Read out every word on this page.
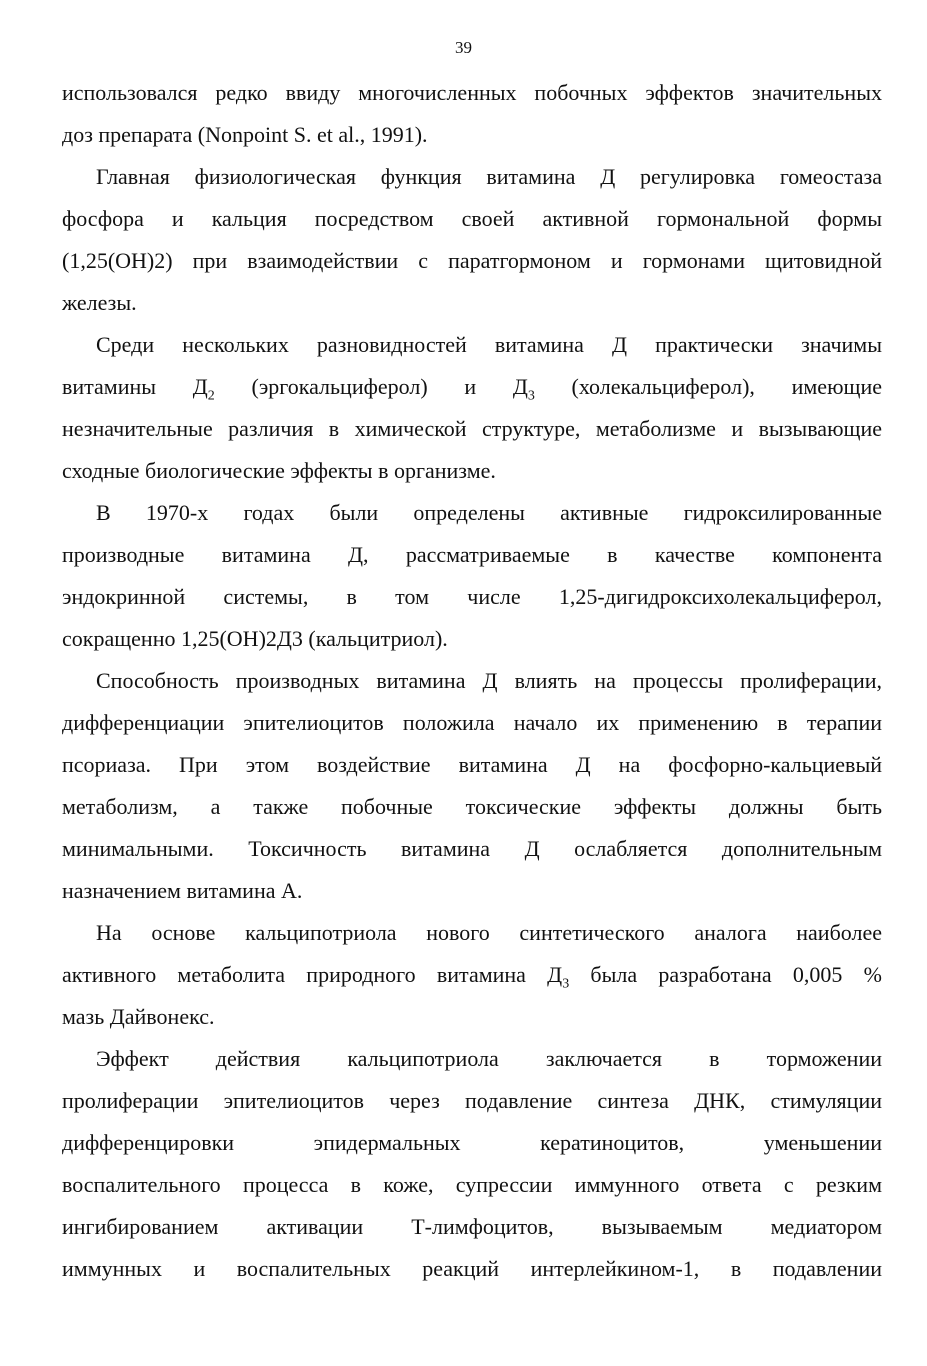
39
использовался редко ввиду многочисленных побочных эффектов значительных
доз препарата (Nonpoint S. et al., 1991).
Главная физиологическая функция витамина Д регулировка гомеостаза
фосфора и кальция посредством своей активной гормональной формы
(1,25(OH)2) при взаимодействии с паратгормоном и гормонами щитовидной
железы.
Среди нескольких разновидностей витамина Д практически значимы
витамины $Д_2$ (эргокальциферол) и $Д_3$ (холекальциферол), имеющие
незначительные различия в химической структуре, метаболизме и вызывающие
сходные биологические эффекты в организме.
В 1970-х годах были определены активные гидроксилированные
производные витамина Д, рассматриваемые в качестве компонента
эндокринной системы, в том числе 1,25-дигидроксихолекальциферол,
сокращенно 1,25(OH)2Д3 (кальцитриол).
Способность производных витамина Д влиять на процессы пролиферации,
дифференциации эпителиоцитов положила начало их применению в терапии
псориаза. При этом воздействие витамина Д на фосфорно-кальциевый
метаболизм, а также побочные токсические эффекты должны быть
минимальными. Токсичность витамина Д ослабляется дополнительным
назначением витамина А.
На основе кальципотриола нового синтетического аналога наиболее
активного метаболита природного витамина $Д_3$ была разработана 0,005 %
мазь Дайвонекс.
Эффект действия кальципотриола заключается в торможении
пролиферации эпителиоцитов через подавление синтеза ДНК, стимуляции
дифференцировки эпидермальных кератиноцитов, уменьшении
воспалительного процесса в коже, супрессии иммунного ответа с резким
ингибированием активации Т-лимфоцитов, вызываемым медиатором
иммунных и воспалительных реакций интерлейкином-1, в подавлении
